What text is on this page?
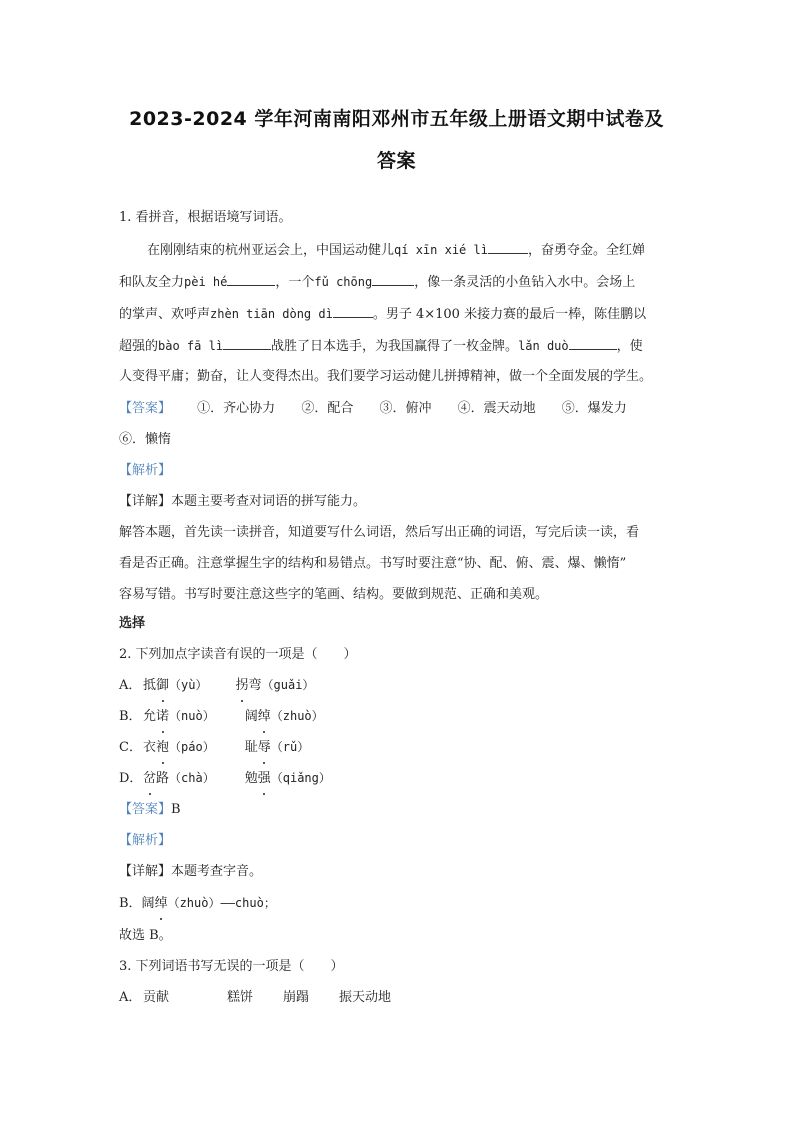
2023-2024 学年河南南阳邓州市五年级上册语文期中试卷及
答案
1. 看拼音，根据语境写词语。
在刚刚结束的杭州亚运会上，中国运动健儿qí xīn xié lì	，奋勇夺金。全红婵
和队友全力pèi hé	，一个fǔ chōng	，像一条灵活的小鱼钻入水中。会场上
的掌声、欢呼声zhèn tiān dòng dì	。男子 4×100 米接力赛的最后一棒，陈佳鹏以
超强的bào fā lì	战胜了日本选手，为我国赢得了一枚金牌。lǎn duò	，使
人变得平庸；勤奋，让人变得杰出。我们要学习运动健儿拼搏精神，做一个全面发展的学生。
【答案】 ①．齐心协力 ②．配合 ③．俯冲 ④．震天动地 ⑤．爆发力
⑥．懒惰
【解析】
【详解】本题主要考查对词语的拼写能力。
解答本题，首先读一读拼音，知道要写什么词语，然后写出正确的词语，写完后读一读，看
看是否正确。注意掌握生字的结构和易错点。书写时要注意“协、配、俯、震、爆、懒惰”
容易写错。书写时要注意这些字的笔画、结构。要做到规范、正确和美观。
选择
2. 下列加点字读音有误的一项是（　　）
A． 抵御（yù） 拐弯（guǎi）
B．允诺（nuò） 阔绰（zhuò）
C．衣袍（páo） 耻辱（rǔ）
D．岔路（chà） 勉强（qiǎng）
【答案】B
【解析】
【详解】本题考查字音。
B．阔绰（zhuò）——chuò；
故选 B。
3. 下列词语书写无误的一项是（　　）
A． 贡献	糕饼 崩蹋 振天动地
